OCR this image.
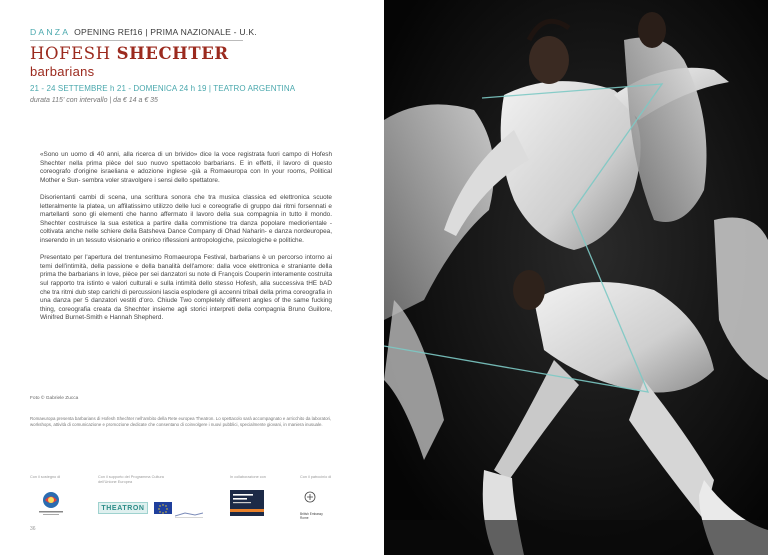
DANZA OPENING REf16 | PRIMA NAZIONALE - U.K.
HOFESH SHECHTER
barbarians
21 - 24 SETTEMBRE h 21 - DOMENICA 24 h 19 | TEATRO ARGENTINA
durata 115' con intervallo | da € 14 a € 35

«Sono un uomo di 40 anni, alla ricerca di un brivido» dice la voce registrata fuori campo di Hofesh Shechter nella prima pièce del suo nuovo spettacolo barbarians. E in effetti, il lavoro di questo coreografo d'origine israeliana e adozione inglese -già a Romaeuropa con In your rooms, Political Mother e Sun- sembra voler stravolgere i sensi dello spettatore.

Disorientanti cambi di scena, una scrittura sonora che tra musica classica ed elettronica scuote letteralmente la platea, un affilatissimo utilizzo delle luci e coreografie di gruppo dai ritmi forsennati e martellanti sono gli elementi che hanno affermato il lavoro della sua compagnia in tutto il mondo. Shechter costruisce la sua estetica a partire dalla commistione tra danza popolare mediorientale -coltivata anche nelle schiere della Batsheva Dance Company di Ohad Naharin- e danza nordeuropea, inserendo in un tessuto visionario e onirico riflessioni antropologiche, psicologiche e politiche.

Presentato per l'apertura del trentunesimo Romaeuropa Festival, barbarians è un percorso intorno ai temi dell'intimità, della passione e della banalità dell'amore: dalla voce elettronica e straniante della prima the barbarians in love, pièce per sei danzatori su note di François Couperin interamente costruita sul rapporto tra istinto e valori culturali e sulla intimità dello stesso Hofesh, alla successiva tHE bAD che tra ritmi dub step carichi di percussioni lascia esplodere gli accenni tribali della prima coreografia in una danza per 5 danzatori vestiti d'oro. Chiude Two completely different angles of the same fucking thing, coreografia creata da Shechter insieme agli storici interpreti della compagnia Bruno Guillore, Winifred Burnet-Smith e Hannah Shepherd.

Foto © Gabriele Zucca
Romaeuropa presenta barbarians di Hofesh Shechter nell'ambito della Rete europea Theatron. Lo spettacolo sarà accompagnato e arricchito da laboratori, workshops, attività di comunicazione e promozione dedicate che consentano di coinvolgere i nuovi pubblici, specialmente giovani, in maniera inusuale.
Con il sostegno di	Con il supporto del Programma Cultura dell'Unione Europea
In collaborazione con	Con il patrocinio di
THEATRON
British Embassy Rome
36
